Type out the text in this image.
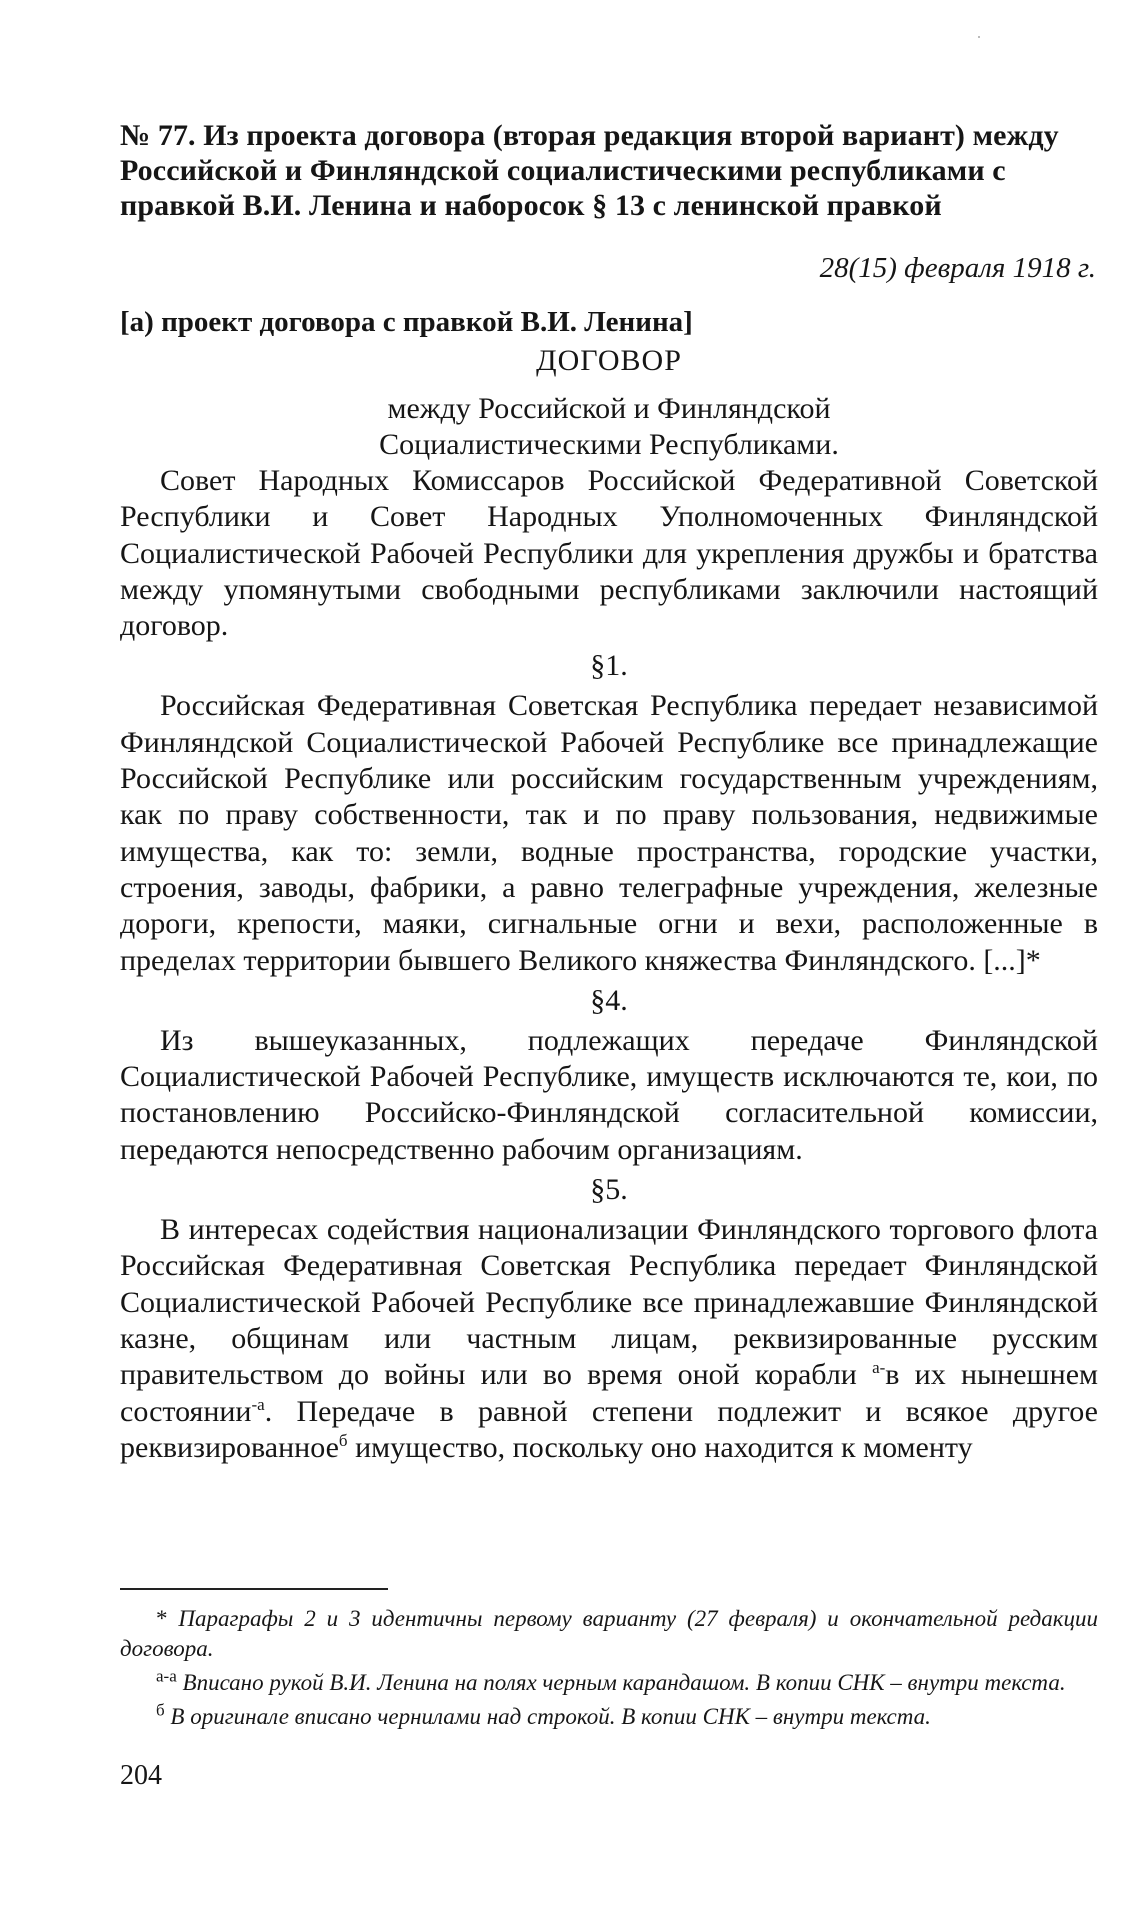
№ 77. Из проекта договора (вторая редакция второй вариант) между Российской и Финляндской социалистическими республиками с правкой В.И. Ленина и наборосок § 13 с ленинской правкой

28(15) февраля 1918 г.

[а) проект договора с правкой В.И. Ленина]

ДОГОВОР

между Российской и Финляндской

Социалистическими Республиками.

Совет Народных Комиссаров Российской Федеративной Советской Республики и Совет Народных Уполномоченных Финляндской Социалистической Рабочей Республики для укрепления дружбы и братства между упомянутыми свободными республиками заключили настоящий договор.

§1.

Российская Федеративная Советская Республика передает независимой Финляндской Социалистической Рабочей Республике все принадлежащие Российской Республике или российским государственным учреждениям, как по праву собственности, так и по праву пользования, недвижимые имущества, как то: земли, водные пространства, городские участки, строения, заводы, фабрики, а равно телеграфные учреждения, железные дороги, крепости, маяки, сигнальные огни и вехи, расположенные в пределах территории бывшего Великого княжества Финляндского. [...]*

§4.

Из вышеуказанных, подлежащих передаче Финляндской Социалистической Рабочей Республике, имуществ исключаются те, кои, по постановлению Российско-Финляндской согласительной комиссии, передаются непосредственно рабочим организациям.

§5.

В интересах содействия национализации Финляндского торгового флота Российская Федеративная Советская Республика передает Финляндской Социалистической Рабочей Республике все принадлежавшие Финляндской казне, общинам или частным лицам, реквизированные русским правительством до войны или во время оной корабли $^{а-}$в их нынешнем состоянии$^{-а}$. Передаче в равной степени подлежит и всякое другое реквизированное$^б$ имущество, поскольку оно находится к моменту

* Параграфы 2 и 3 идентичны первому варианту (27 февраля) и окончательной редакции договора.

$^{а-а}$ Вписано рукой В.И. Ленина на полях черным карандашом. В копии СНК – внутри текста.

$^б$ В оригинале вписано чернилами над строкой. В копии СНК – внутри текста.

204
